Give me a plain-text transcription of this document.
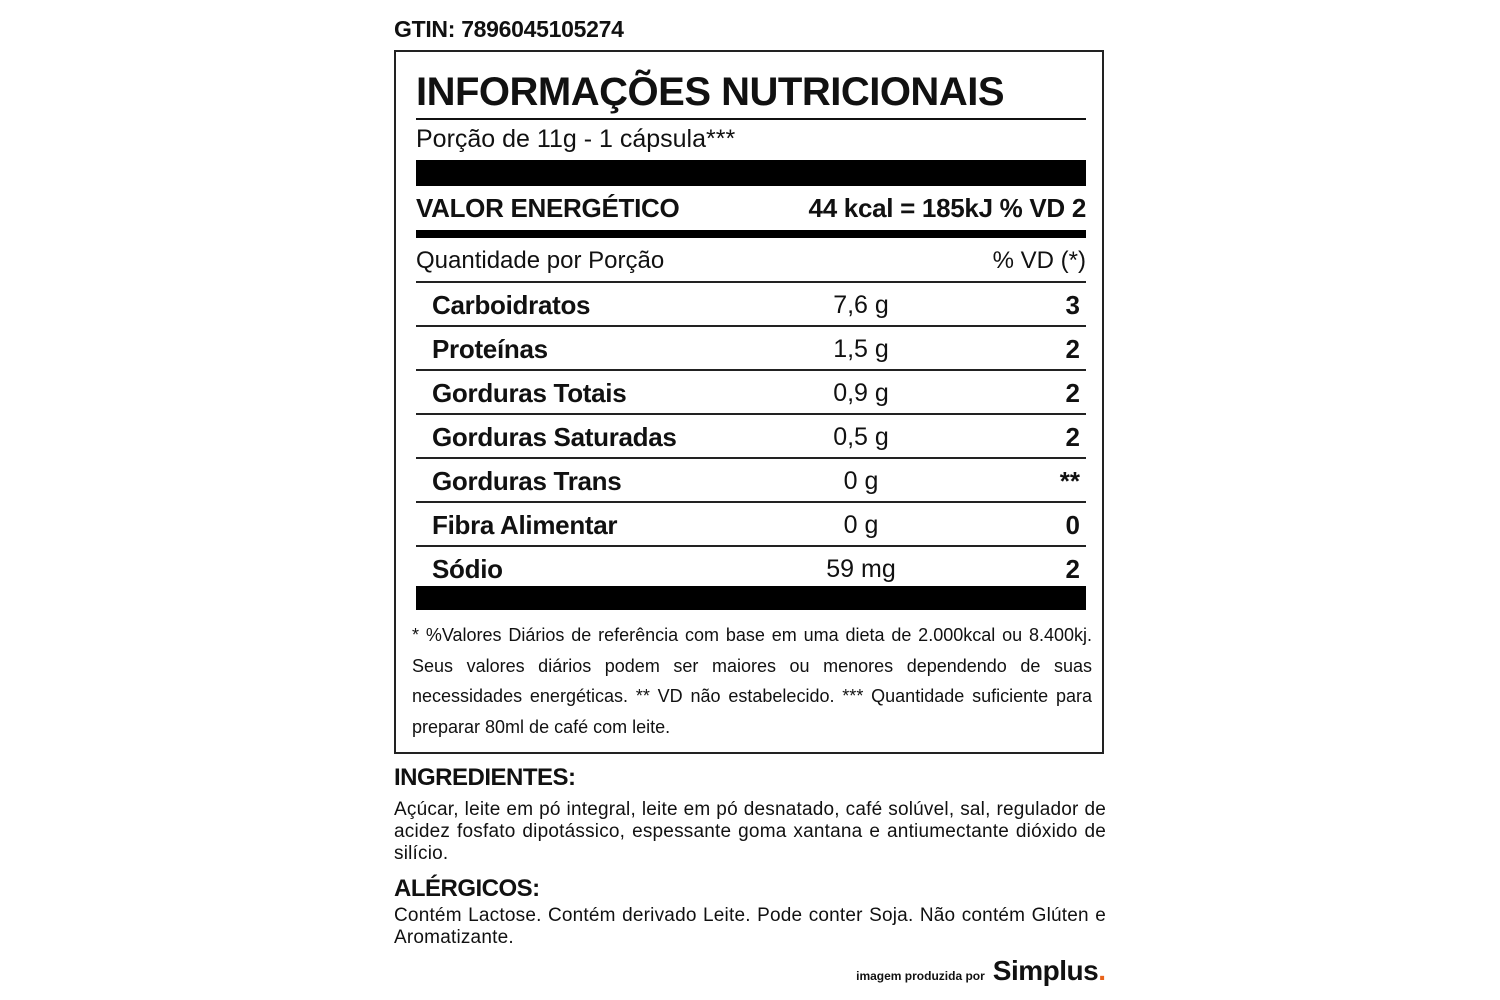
GTIN: 7896045105274
INFORMAÇÕES NUTRICIONAIS
Porção de 11g - 1 cápsula***
VALOR ENERGÉTICO	44 kcal = 185kJ % VD 2
Quantidade por Porção	% VD (*)
Carboidratos	7,6 g	3
Proteínas	1,5 g	2
Gorduras Totais	0,9 g	2
Gorduras Saturadas	0,5 g	2
Gorduras Trans	0 g	**
Fibra Alimentar	0 g	0
Sódio	59 mg	2
* %Valores Diários de referência com base em uma dieta de 2.000kcal ou 8.400kj. Seus valores diários podem ser maiores ou menores dependendo de suas necessidades energéticas. ** VD não estabelecido. *** Quantidade suficiente para preparar 80ml de café com leite.
INGREDIENTES:
Açúcar, leite em pó integral, leite em pó desnatado, café solúvel, sal, regulador de acidez fosfato dipotássico, espessante goma xantana e antiumectante dióxido de silício.
ALÉRGICOS:
Contém Lactose. Contém derivado Leite. Pode conter Soja. Não contém Glúten e Aromatizante.
imagem produzida por Simplus .
